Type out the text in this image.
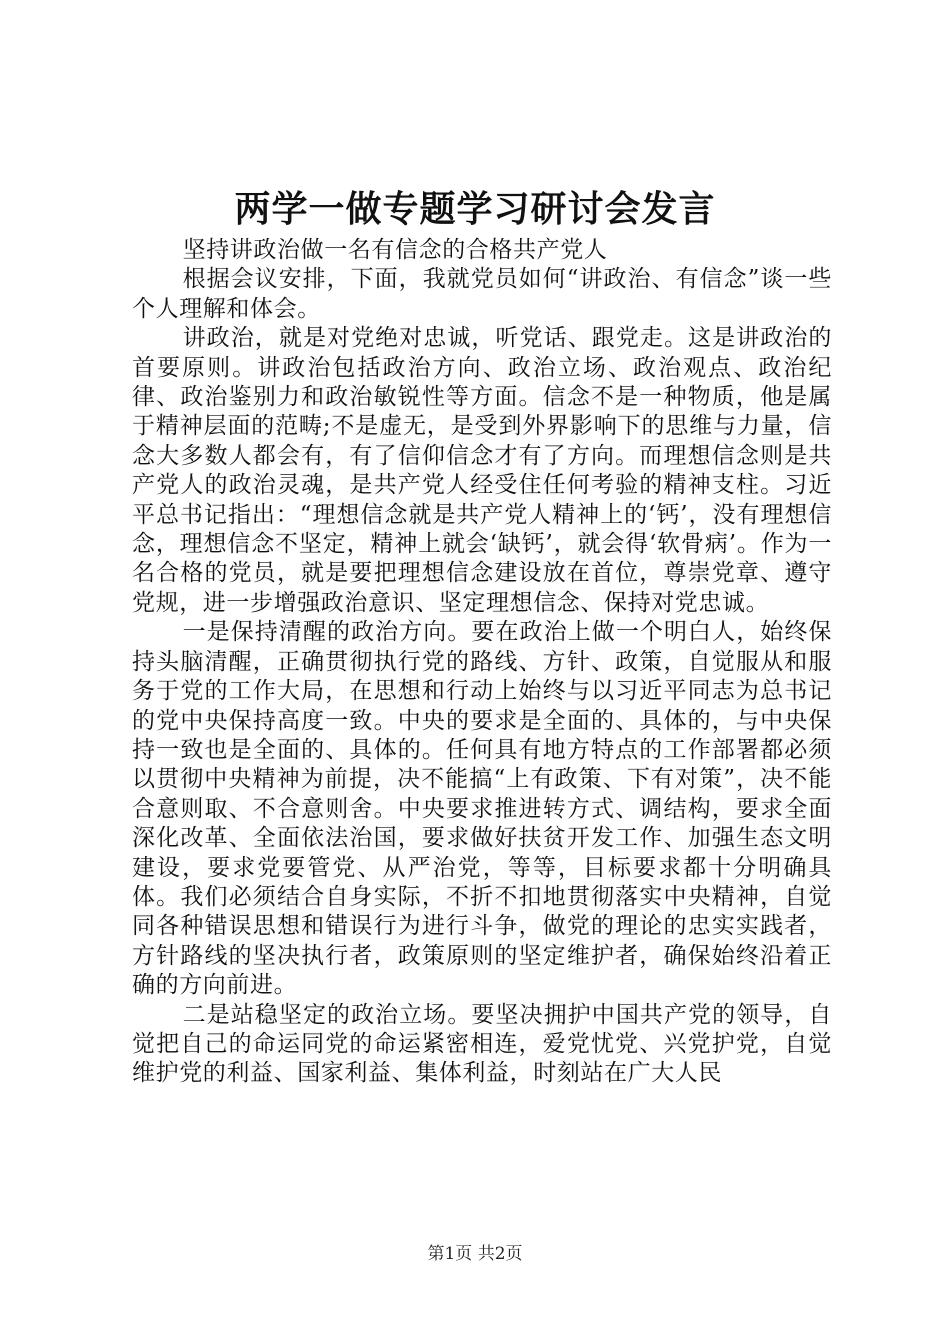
两学一做专题学习研讨会发言

坚持讲政治做一名有信念的合格共产党人

根据会议安排，下面，我就党员如何“讲政治、有信念”谈一些个人理解和体会。

讲政治，就是对党绝对忠诚，听党话、跟党走。这是讲政治的首要原则。讲政治包括政治方向、政治立场、政治观点、政治纪律、政治鉴别力和政治敏锐性等方面。信念不是一种物质，他是属于精神层面的范畴;不是虚无，是受到外界影响下的思维与力量，信念大多数人都会有，有了信仰信念才有了方向。而理想信念则是共产党人的政治灵魂，是共产党人经受住任何考验的精神支柱。习近平总书记指出：“理想信念就是共产党人精神上的‘钙’，没有理想信念，理想信念不坚定，精神上就会‘缺钙’，就会得‘软骨病’。作为一名合格的党员，就是要把理想信念建设放在首位，尊崇党章、遵守党规，进一步增强政治意识、坚定理想信念、保持对党忠诚。

一是保持清醒的政治方向。要在政治上做一个明白人，始终保持头脑清醒，正确贯彻执行党的路线、方针、政策，自觉服从和服务于党的工作大局，在思想和行动上始终与以习近平同志为总书记的党中央保持高度一致。中央的要求是全面的、具体的，与中央保持一致也是全面的、具体的。任何具有地方特点的工作部署都必须以贯彻中央精神为前提，决不能搞“上有政策、下有对策”，决不能合意则取、不合意则舍。中央要求推进转方式、调结构，要求全面深化改革、全面依法治国，要求做好扶贫开发工作、加强生态文明建设，要求党要管党、从严治党，等等，目标要求都十分明确具体。我们必须结合自身实际，不折不扣地贯彻落实中央精神，自觉同各种错误思想和错误行为进行斗争，做党的理论的忠实实践者，方针路线的坚决执行者，政策原则的坚定维护者，确保始终沿着正确的方向前进。

二是站稳坚定的政治立场。要坚决拥护中国共产党的领导，自觉把自己的命运同党的命运紧密相连，爱党忧党、兴党护党，自觉维护党的利益、国家利益、集体利益，时刻站在广大人民

第1页 共2页
